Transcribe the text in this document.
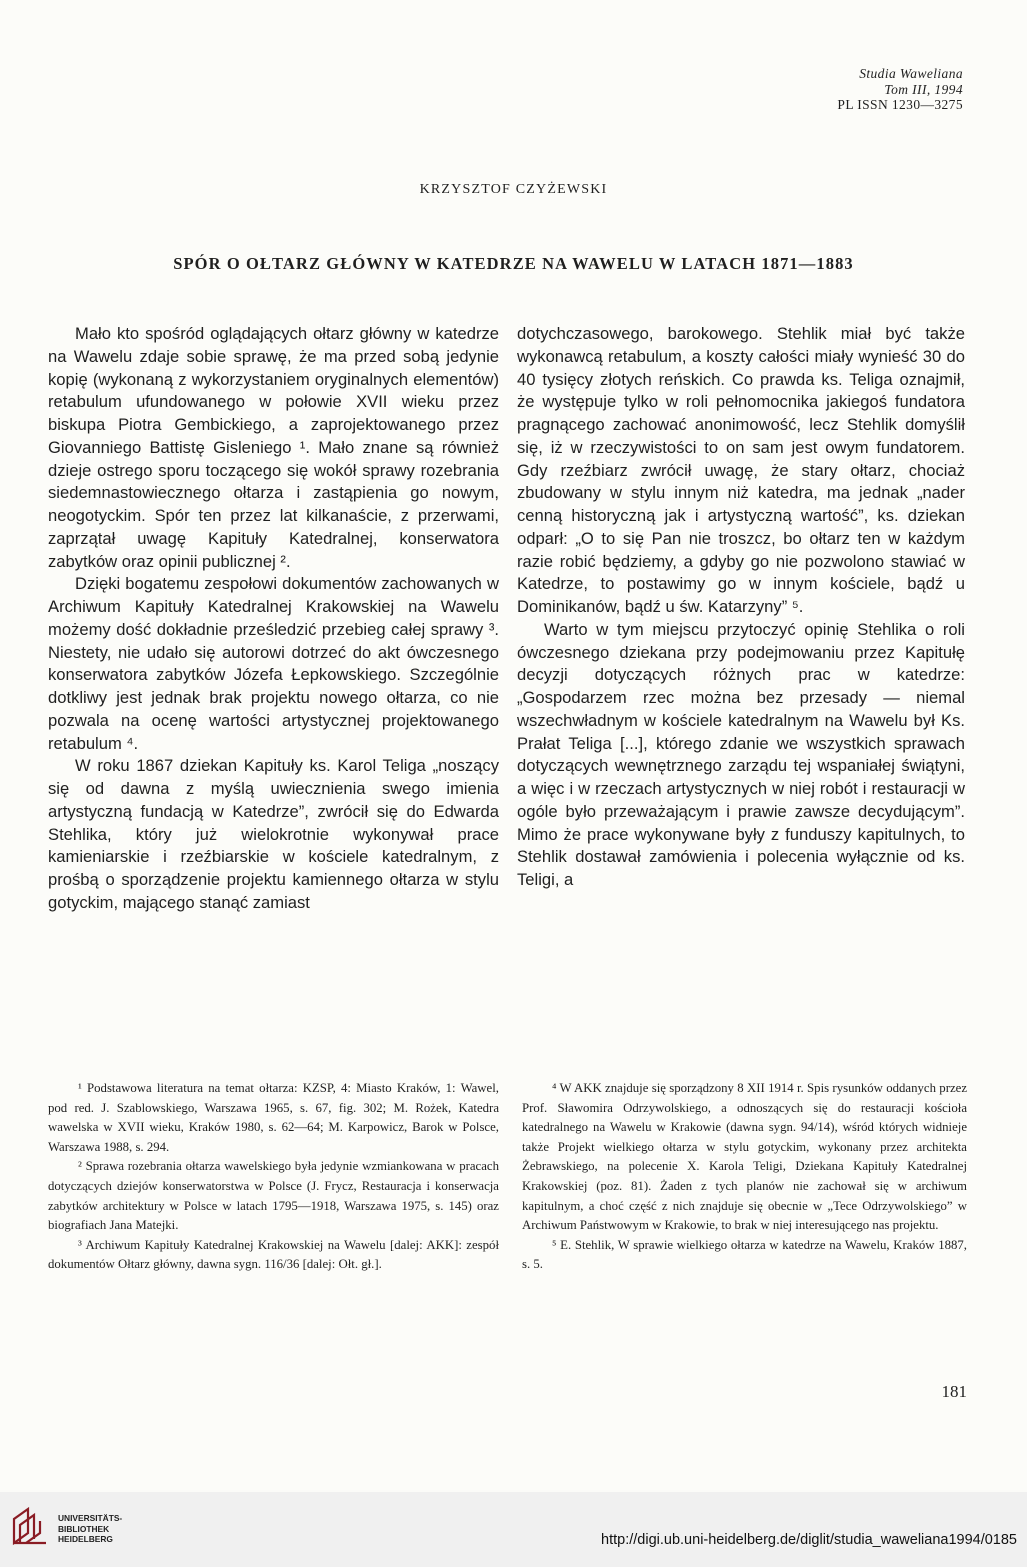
Studia Waweliana
Tom III, 1994
PL ISSN 1230—3275
KRZYSZTOF CZYŻEWSKI
SPÓR O OŁTARZ GŁÓWNY W KATEDRZE NA WAWELU W LATACH 1871—1883

Mało kto spośród oglądających ołtarz główny w katedrze na Wawelu zdaje sobie sprawę, że ma przed sobą jedynie kopię (wykonaną z wykorzystaniem oryginalnych elementów) retabulum ufundowanego w połowie XVII wieku przez biskupa Piotra Gembickiego, a zaprojektowanego przez Giovanniego Battistę Gisleniego ¹. Mało znane są również dzieje ostrego sporu toczącego się wokół sprawy rozebrania siedemnastowiecznego ołtarza i zastąpienia go nowym, neogotyckim. Spór ten przez lat kilkanaście, z przerwami, zaprzątał uwagę Kapituły Katedralnej, konserwatora zabytków oraz opinii publicznej ².

Dzięki bogatemu zespołowi dokumentów zachowanych w Archiwum Kapituły Katedralnej Krakowskiej na Wawelu możemy dość dokładnie prześledzić przebieg całej sprawy ³. Niestety, nie udało się autorowi dotrzeć do akt ówczesnego konserwatora zabytków Józefa Łepkowskiego. Szczególnie dotkliwy jest jednak brak projektu nowego ołtarza, co nie pozwala na ocenę wartości artystycznej projektowanego retabulum ⁴.

W roku 1867 dziekan Kapituły ks. Karol Teliga „noszący się od dawna z myślą uwiecznienia swego imienia artystyczną fundacją w Katedrze”, zwrócił się do Edwarda Stehlika, który już wielokrotnie wykonywał prace kamieniarskie i rzeźbiarskie w kościele katedralnym, z prośbą o sporządzenie projektu kamiennego ołtarza w stylu gotyckim, mającego stanąć zamiast

dotychczasowego, barokowego. Stehlik miał być także wykonawcą retabulum, a koszty całości miały wynieść 30 do 40 tysięcy złotych reńskich. Co prawda ks. Teliga oznajmił, że występuje tylko w roli pełnomocnika jakiegoś fundatora pragnącego zachować anonimowość, lecz Stehlik domyślił się, iż w rzeczywistości to on sam jest owym fundatorem. Gdy rzeźbiarz zwrócił uwagę, że stary ołtarz, chociaż zbudowany w stylu innym niż katedra, ma jednak „nader cenną historyczną jak i artystyczną wartość”, ks. dziekan odparł: „O to się Pan nie troszcz, bo ołtarz ten w każdym razie robić będziemy, a gdyby go nie pozwolono stawiać w Katedrze, to postawimy go w innym kościele, bądź u Dominikanów, bądź u św. Katarzyny” ⁵.

Warto w tym miejscu przytoczyć opinię Stehlika o roli ówczesnego dziekana przy podejmowaniu przez Kapitułę decyzji dotyczących różnych prac w katedrze: „Gospodarzem rzec można bez przesady — niemal wszechwładnym w kościele katedralnym na Wawelu był Ks. Prałat Teliga [...], którego zdanie we wszystkich sprawach dotyczących wewnętrznego zarządu tej wspaniałej świątyni, a więc i w rzeczach artystycznych w niej robót i restauracji w ogóle było przeważającym i prawie zawsze decydującym”. Mimo że prace wykonywane były z funduszy kapitulnych, to Stehlik dostawał zamówienia i polecenia wyłącznie od ks. Teligi, a

¹ Podstawowa literatura na temat ołtarza: KZSP, 4: Miasto Kraków, 1: Wawel, pod red. J. Szablowskiego, Warszawa 1965, s. 67, fig. 302; M. Rożek, Katedra wawelska w XVII wieku, Kraków 1980, s. 62—64; M. Karpowicz, Barok w Polsce, Warszawa 1988, s. 294.

² Sprawa rozebrania ołtarza wawelskiego była jedynie wzmiankowana w pracach dotyczących dziejów konserwatorstwa w Polsce (J. Frycz, Restauracja i konserwacja zabytków architektury w Polsce w latach 1795—1918, Warszawa 1975, s. 145) oraz biografiach Jana Matejki.

³ Archiwum Kapituły Katedralnej Krakowskiej na Wawelu [dalej: AKK]: zespół dokumentów Ołtarz główny, dawna sygn. 116/36 [dalej: Ołt. gł.].

⁴ W AKK znajduje się sporządzony 8 XII 1914 r. Spis rysunków oddanych przez Prof. Sławomira Odrzywolskiego, a odnoszących się do restauracji kościoła katedralnego na Wawelu w Krakowie (dawna sygn. 94/14), wśród których widnieje także Projekt wielkiego ołtarza w stylu gotyckim, wykonany przez architekta Żebrawskiego, na polecenie X. Karola Teligi, Dziekana Kapituły Katedralnej Krakowskiej (poz. 81). Żaden z tych planów nie zachował się w archiwum kapitulnym, a choć część z nich znajduje się obecnie w „Tece Odrzywolskiego” w Archiwum Państwowym w Krakowie, to brak w niej interesującego nas projektu.

⁵ E. Stehlik, W sprawie wielkiego ołtarza w katedrze na Wawelu, Kraków 1887, s. 5.

181
UNIVERSITÄTS-
BIBLIOTHEK
HEIDELBERG	http://digi.ub.uni-heidelberg.de/diglit/studia_waweliana1994/0185
